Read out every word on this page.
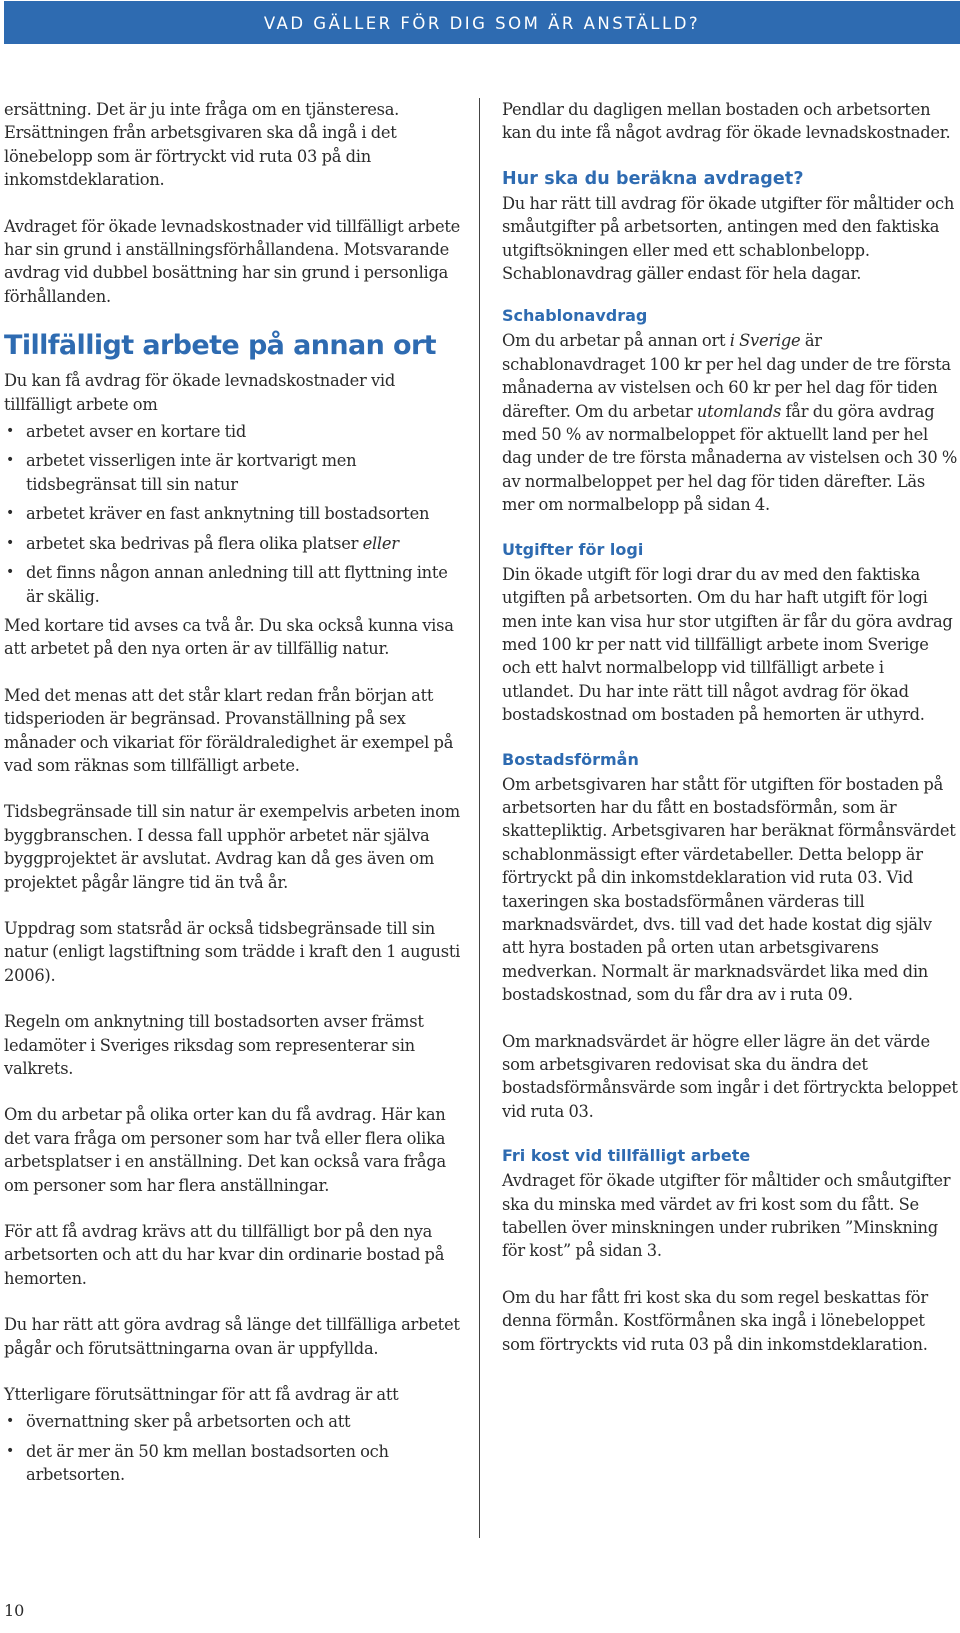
VAD GÄLLER FÖR DIG SOM ÄR ANSTÄLLD?

ersättning. Det är ju inte fråga om en tjänsteresa. Ersättningen från arbetsgivaren ska då ingå i det lönebelopp som är förtryckt vid ruta 03 på din inkomstdeklaration.

Avdraget för ökade levnadskostnader vid tillfälligt arbete har sin grund i anställningsförhållandena. Motsvarande avdrag vid dubbel bosättning har sin grund i personliga förhållanden.

Tillfälligt arbete på annan ort

Du kan få avdrag för ökade levnadskostnader vid tillfälligt arbete om

• arbetet avser en kortare tid
• arbetet visserligen inte är kortvarigt men tidsbegränsat till sin natur
• arbetet kräver en fast anknytning till bostadsorten
• arbetet ska bedrivas på flera olika platser eller
• det finns någon annan anledning till att flyttning inte är skälig.

Med kortare tid avses ca två år. Du ska också kunna visa att arbetet på den nya orten är av tillfällig natur.

Med det menas att det står klart redan från början att tidsperioden är begränsad. Provanställning på sex månader och vikariat för föräldraledighet är exempel på vad som räknas som tillfälligt arbete.

Tidsbegränsade till sin natur är exempelvis arbeten inom byggbranschen. I dessa fall upphör arbetet när själva byggprojektet är avslutat. Avdrag kan då ges även om projektet pågår längre tid än två år.

Uppdrag som statsråd är också tidsbegränsade till sin natur (enligt lagstiftning som trädde i kraft den 1 augusti 2006).

Regeln om anknytning till bostadsorten avser främst ledamöter i Sveriges riksdag som representerar sin valkrets.

Om du arbetar på olika orter kan du få avdrag. Här kan det vara fråga om personer som har två eller flera olika arbetsplatser i en anställning. Det kan också vara fråga om personer som har flera anställningar.

För att få avdrag krävs att du tillfälligt bor på den nya arbetsorten och att du har kvar din ordinarie bostad på hemorten.

Du har rätt att göra avdrag så länge det tillfälliga arbetet pågår och förutsättningarna ovan är uppfyllda.

Ytterligare förutsättningar för att få avdrag är att

• övernattning sker på arbetsorten och att
• det är mer än 50 km mellan bostadsorten och arbetsorten.

Pendlar du dagligen mellan bostaden och arbetsorten kan du inte få något avdrag för ökade levnadskostnader.

Hur ska du beräkna avdraget?

Du har rätt till avdrag för ökade utgifter för måltider och småutgifter på arbetsorten, antingen med den faktiska utgiftsökningen eller med ett schablonbelopp. Schablonavdrag gäller endast för hela dagar.

Schablonavdrag

Om du arbetar på annan ort i Sverige är schablonavdraget 100 kr per hel dag under de tre första månaderna av vistelsen och 60 kr per hel dag för tiden därefter. Om du arbetar utomlands får du göra avdrag med 50 % av normalbeloppet för aktuellt land per hel dag under de tre första månaderna av vistelsen och 30 % av normalbeloppet per hel dag för tiden därefter. Läs mer om normalbelopp på sidan 4.

Utgifter för logi

Din ökade utgift för logi drar du av med den faktiska utgiften på arbetsorten. Om du har haft utgift för logi men inte kan visa hur stor utgiften är får du göra avdrag med 100 kr per natt vid tillfälligt arbete inom Sverige och ett halvt normalbelopp vid tillfälligt arbete i utlandet. Du har inte rätt till något avdrag för ökad bostadskostnad om bostaden på hemorten är uthyrd.

Bostadsförmån

Om arbetsgivaren har stått för utgiften för bostaden på arbetsorten har du fått en bostadsförmån, som är skattepliktig. Arbetsgivaren har beräknat förmånsvärdet schablonmässigt efter värdetabeller. Detta belopp är förtryckt på din inkomstdeklaration vid ruta 03. Vid taxeringen ska bostadsförmånen värderas till marknadsvärdet, dvs. till vad det hade kostat dig själv att hyra bostaden på orten utan arbetsgivarens medverkan. Normalt är marknadsvärdet lika med din bostadskostnad, som du får dra av i ruta 09.

Om marknadsvärdet är högre eller lägre än det värde som arbetsgivaren redovisat ska du ändra det bostadsförmånsvärde som ingår i det förtryckta beloppet vid ruta 03.

Fri kost vid tillfälligt arbete

Avdraget för ökade utgifter för måltider och småutgifter ska du minska med värdet av fri kost som du fått. Se tabellen över minskningen under rubriken ”Minskning för kost” på sidan 3.

Om du har fått fri kost ska du som regel beskattas för denna förmån. Kostförmånen ska ingå i lönebeloppet som förtryckts vid ruta 03 på din inkomstdeklaration.

10
